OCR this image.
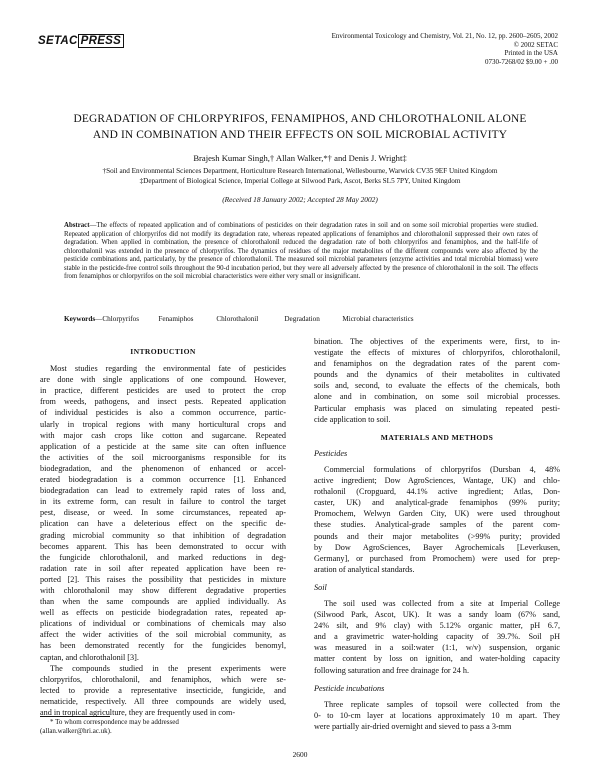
SETAC PRESS	Environmental Toxicology and Chemistry, Vol. 21, No. 12, pp. 2600–2605, 2002
© 2002 SETAC
Printed in the USA
0730-7268/02 $9.00 + .00
DEGRADATION OF CHLORPYRIFOS, FENAMIPHOS, AND CHLOROTHALONIL ALONE
AND IN COMBINATION AND THEIR EFFECTS ON SOIL MICROBIAL ACTIVITY
Brajesh Kumar Singh,† Allan Walker,*† and Denis J. Wright‡
†Soil and Environmental Sciences Department, Horticulture Research International, Wellesbourne, Warwick CV35 9EF United Kingdom
‡Department of Biological Science, Imperial College at Silwood Park, Ascot, Berks SL5 7PY, United Kingdom
(Received 18 January 2002; Accepted 28 May 2002)
Abstract—The effects of repeated application and of combinations of pesticides on their degradation rates in soil and on some soil microbial properties were studied. Repeated application of chlorpyrifos did not modify its degradation rate, whereas repeated applications of fenamiphos and chlorothalonil suppressed their own rates of degradation. When applied in combination, the presence of chlorothalonil reduced the degradation rate of both chlorpyrifos and fenamiphos, and the half-life of chlorothalonil was extended in the presence of chlorpyrifos. The dynamics of residues of the major metabolites of the different compounds were also affected by the pesticide combinations and, particularly, by the presence of chlorothalonil. The measured soil microbial parameters (enzyme activities and total microbial biomass) were stable in the pesticide-free control soils throughout the 90-d incubation period, but they were all adversely affected by the presence of chlorothalonil in the soil. The effects from fenamiphos or chlorpyrifos on the soil microbial characteristics were either very small or insignificant.
Keywords—Chlorpyrifos	Fenamiphos	Chlorothalonil	Degradation	Microbial characteristics
INTRODUCTION

Most studies regarding the environmental fate of pesticides
are done with single applications of one compound. However,
in practice, different pesticides are used to protect the crop
from weeds, pathogens, and insect pests. Repeated application
of individual pesticides is also a common occurrence, partic-
ularly in tropical regions with many horticultural crops and
with major cash crops like cotton and sugarcane. Repeated
application of a pesticide at the same site can often influence
the activities of the soil microorganisms responsible for its
biodegradation, and the phenomenon of enhanced or accel-
erated biodegradation is a common occurrence [1]. Enhanced
biodegradation can lead to extremely rapid rates of loss and,
in its extreme form, can result in failure to control the target
pest, disease, or weed. In some circumstances, repeated ap-
plication can have a deleterious effect on the specific de-
grading microbial community so that inhibition of degradation
becomes apparent. This has been demonstrated to occur with
the fungicide chlorothalonil, and marked reductions in deg-
radation rate in soil after repeated application have been re-
ported [2]. This raises the possibility that pesticides in mixture
with chlorothalonil may show different degradative properties
than when the same compounds are applied individually. As
well as effects on pesticide biodegradation rates, repeated ap-
plications of individual or combinations of chemicals may also
affect the wider activities of the soil microbial community, as
has been demonstrated recently for the fungicides benomyl,
captan, and chlorothalonil [3].

The compounds studied in the present experiments were
chlorpyrifos, chlorothalonil, and fenamiphos, which were se-
lected to provide a representative insecticide, fungicide, and
nematicide, respectively. All three compounds are widely used,
and in tropical agriculture, they are frequently used in com-

* To whom correspondence may be addressed
(allan.walker@hri.ac.uk).

bination. The objectives of the experiments were, first, to in-
vestigate the effects of mixtures of chlorpyrifos, chlorothalonil,
and fenamiphos on the degradation rates of the parent com-
pounds and the dynamics of their metabolites in cultivated
soils and, second, to evaluate the effects of the chemicals, both
alone and in combination, on some soil microbial processes.
Particular emphasis was placed on simulating repeated pesti-
cide application to soil.

MATERIALS AND METHODS
Pesticides

Commercial formulations of chlorpyrifos (Dursban 4, 48%
active ingredient; Dow AgroSciences, Wantage, UK) and chlo-
rothalonil (Cropguard, 44.1% active ingredient; Atlas, Don-
caster, UK) and analytical-grade fenamiphos (99% purity;
Promochem, Welwyn Garden City, UK) were used throughout
these studies. Analytical-grade samples of the parent com-
pounds and their major metabolites (>99% purity; provided
by Dow AgroSciences, Bayer Agrochemicals [Leverkusen,
Germany], or purchased from Promochem) were used for prep-
aration of analytical standards.

Soil

The soil used was collected from a site at Imperial College
(Silwood Park, Ascot, UK). It was a sandy loam (67% sand,
24% silt, and 9% clay) with 5.12% organic matter, pH 6.7,
and a gravimetric water-holding capacity of 39.7%. Soil pH
was measured in a soil:water (1:1, w/v) suspension, organic
matter content by loss on ignition, and water-holding capacity
following saturation and free drainage for 24 h.

Pesticide incubations

Three replicate samples of topsoil were collected from the
0- to 10-cm layer at locations approximately 10 m apart. They
were partially air-dried overnight and sieved to pass a 3-mm

2600
